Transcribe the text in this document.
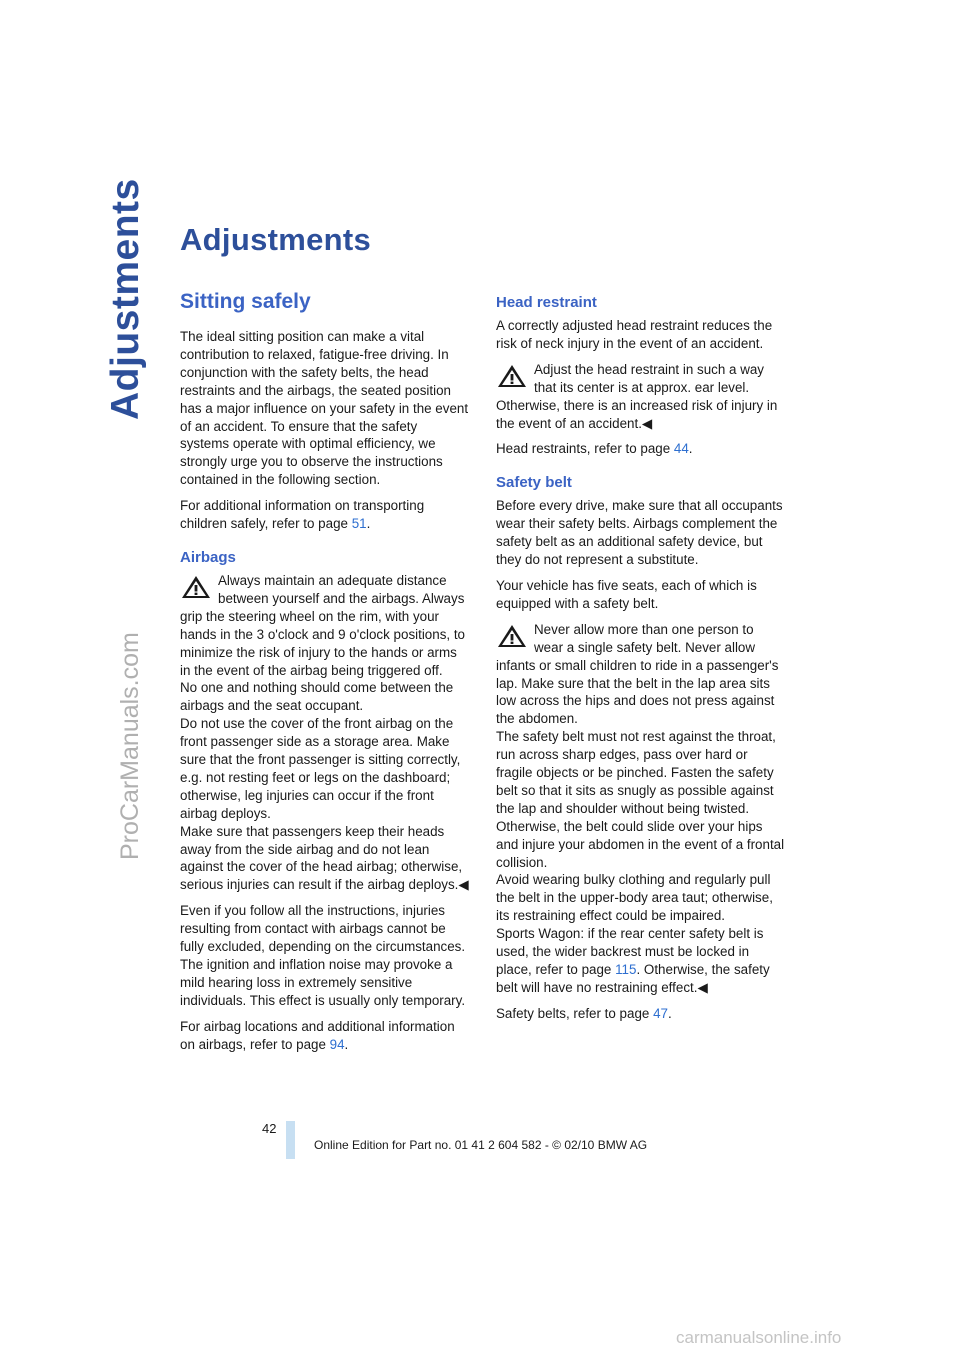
Adjustments
ProCarManuals.com
Adjustments
Sitting safely

The ideal sitting position can make a vital contribution to relaxed, fatigue-free driving. In conjunction with the safety belts, the head restraints and the airbags, the seated position has a major influence on your safety in the event of an accident. To ensure that the safety systems operate with optimal efficiency, we strongly urge you to observe the instructions contained in the following section.

For additional information on transporting children safely, refer to page 51.

Airbags
Always maintain an adequate distance between yourself and the airbags. Always grip the steering wheel on the rim, with your hands in the 3 o'clock and 9 o'clock positions, to minimize the risk of injury to the hands or arms in the event of the airbag being triggered off.
No one and nothing should come between the airbags and the seat occupant.
Do not use the cover of the front airbag on the front passenger side as a storage area. Make sure that the front passenger is sitting correctly, e.g. not resting feet or legs on the dashboard; otherwise, leg injuries can occur if the front airbag deploys.
Make sure that passengers keep their heads away from the side airbag and do not lean against the cover of the head airbag; otherwise, serious injuries can result if the airbag deploys.◀

Even if you follow all the instructions, injuries resulting from contact with airbags cannot be fully excluded, depending on the circumstances. The ignition and inflation noise may provoke a mild hearing loss in extremely sensitive individuals. This effect is usually only temporary.

For airbag locations and additional information on airbags, refer to page 94.

Head restraint

A correctly adjusted head restraint reduces the risk of neck injury in the event of an accident.

Adjust the head restraint in such a way that its center is at approx. ear level. Otherwise, there is an increased risk of injury in the event of an accident.◀

Head restraints, refer to page 44.

Safety belt

Before every drive, make sure that all occupants wear their safety belts. Airbags complement the safety belt as an additional safety device, but they do not represent a substitute.

Your vehicle has five seats, each of which is equipped with a safety belt.

Never allow more than one person to wear a single safety belt. Never allow infants or small children to ride in a passenger's lap. Make sure that the belt in the lap area sits low across the hips and does not press against the abdomen.
The safety belt must not rest against the throat, run across sharp edges, pass over hard or fragile objects or be pinched. Fasten the safety belt so that it sits as snugly as possible against the lap and shoulder without being twisted. Otherwise, the belt could slide over your hips and injure your abdomen in the event of a frontal collision.
Avoid wearing bulky clothing and regularly pull the belt in the upper-body area taut; otherwise, its restraining effect could be impaired.
Sports Wagon: if the rear center safety belt is used, the wider backrest must be locked in place, refer to page 115. Otherwise, the safety belt will have no restraining effect.◀

Safety belts, refer to page 47.

42
Online Edition for Part no. 01 41 2 604 582 - © 02/10 BMW AG
carmanualsonline.info
